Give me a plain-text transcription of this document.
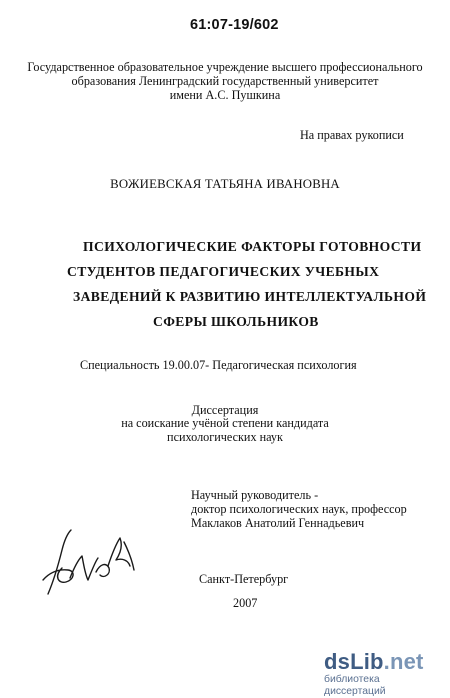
61:07-19/602
Государственное образовательное учреждение высшего профессионального
образования Ленинградский государственный университет
имени А.С. Пушкина
На правах рукописи
ВОЖИЕВСКАЯ ТАТЬЯНА ИВАНОВНА
ПСИХОЛОГИЧЕСКИЕ ФАКТОРЫ ГОТОВНОСТИ
СТУДЕНТОВ ПЕДАГОГИЧЕСКИХ УЧЕБНЫХ
ЗАВЕДЕНИЙ К РАЗВИТИЮ ИНТЕЛЛЕКТУАЛЬНОЙ
СФЕРЫ ШКОЛЬНИКОВ
Специальность 19.00.07- Педагогическая психология
Диссертация
на соискание учёной степени кандидата
психологических наук
Научный руководитель -
доктор психологических наук, профессор
Маклаков Анатолий Геннадьевич
Санкт-Петербург
2007
dsLib.net
библиотека диссертаций
